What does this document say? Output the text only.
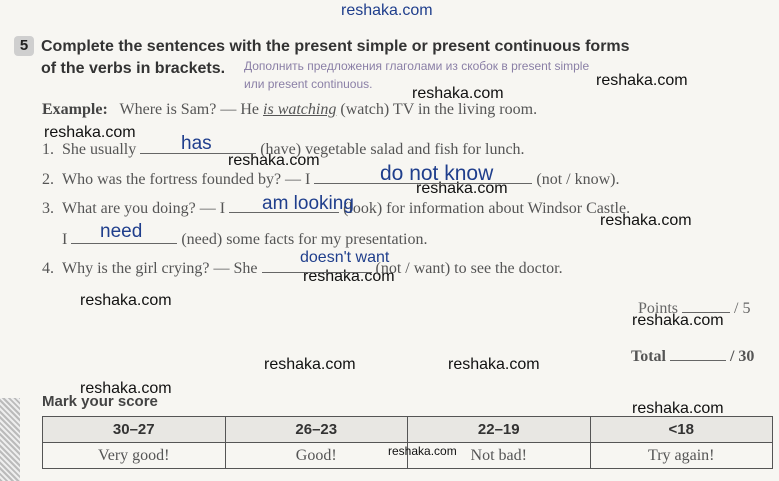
reshaka.com
reshaka.com
reshaka.com
reshaka.com
reshaka.com
reshaka.com
reshaka.com
reshaka.com
reshaka.com
reshaka.com
reshaka.com	reshaka.com
reshaka.com
reshaka.com
5 Complete the sentences with the present simple or present continuous forms
of the verbs in brackets. Дополнить предложения глаголами из скобок в present simple
или present continuous.
Example: Where is Sam? — He is watching (watch) TV in the living room.
1. She usually	(have) vegetable salad and fish for lunch.
has
2. Who was the fortress founded by? — I	(not / know).
do not know
3. What are you doing? — I	(look) for information about Windsor Castle.
am looking
I	(need) some facts for my presentation.
need
4. Why is the girl crying? — She	(not / want) to see the doctor.
doesn't want
Points	/ 5
Total	/ 30
Mark your score
30–27	26–23	22–19	<18
Very good!	Good!	Not bad!	Try again!
reshaka.com
